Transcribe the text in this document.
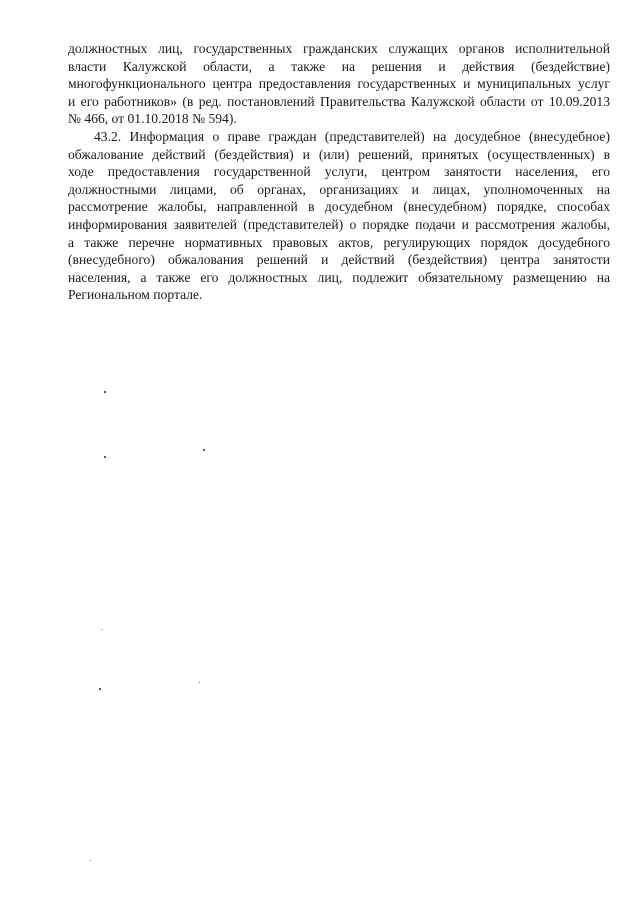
должностных лиц, государственных гражданских служащих органов исполнительной
власти Калужской области, а также на решения и действия (бездействие)
многофункционального центра предоставления государственных и муниципальных услуг
и его работников» (в ред. постановлений Правительства Калужской области от 10.09.2013
№ 466, от 01.10.2018 № 594).
43.2. Информация о праве граждан (представителей) на досудебное (внесудебное)
обжалование действий (бездействия) и (или) решений, принятых (осуществленных) в
ходе предоставления государственной услуги, центром занятости населения, его
должностными лицами, об органах, организациях и лицах, уполномоченных на
рассмотрение жалобы, направленной в досудебном (внесудебном) порядке, способах
информирования заявителей (представителей) о порядке подачи и рассмотрения жалобы,
а также перечне нормативных правовых актов, регулирующих порядок досудебного
(внесудебного) обжалования решений и действий (бездействия) центра занятости
населения, а также его должностных лиц, подлежит обязательному размещению на
Региональном портале.
